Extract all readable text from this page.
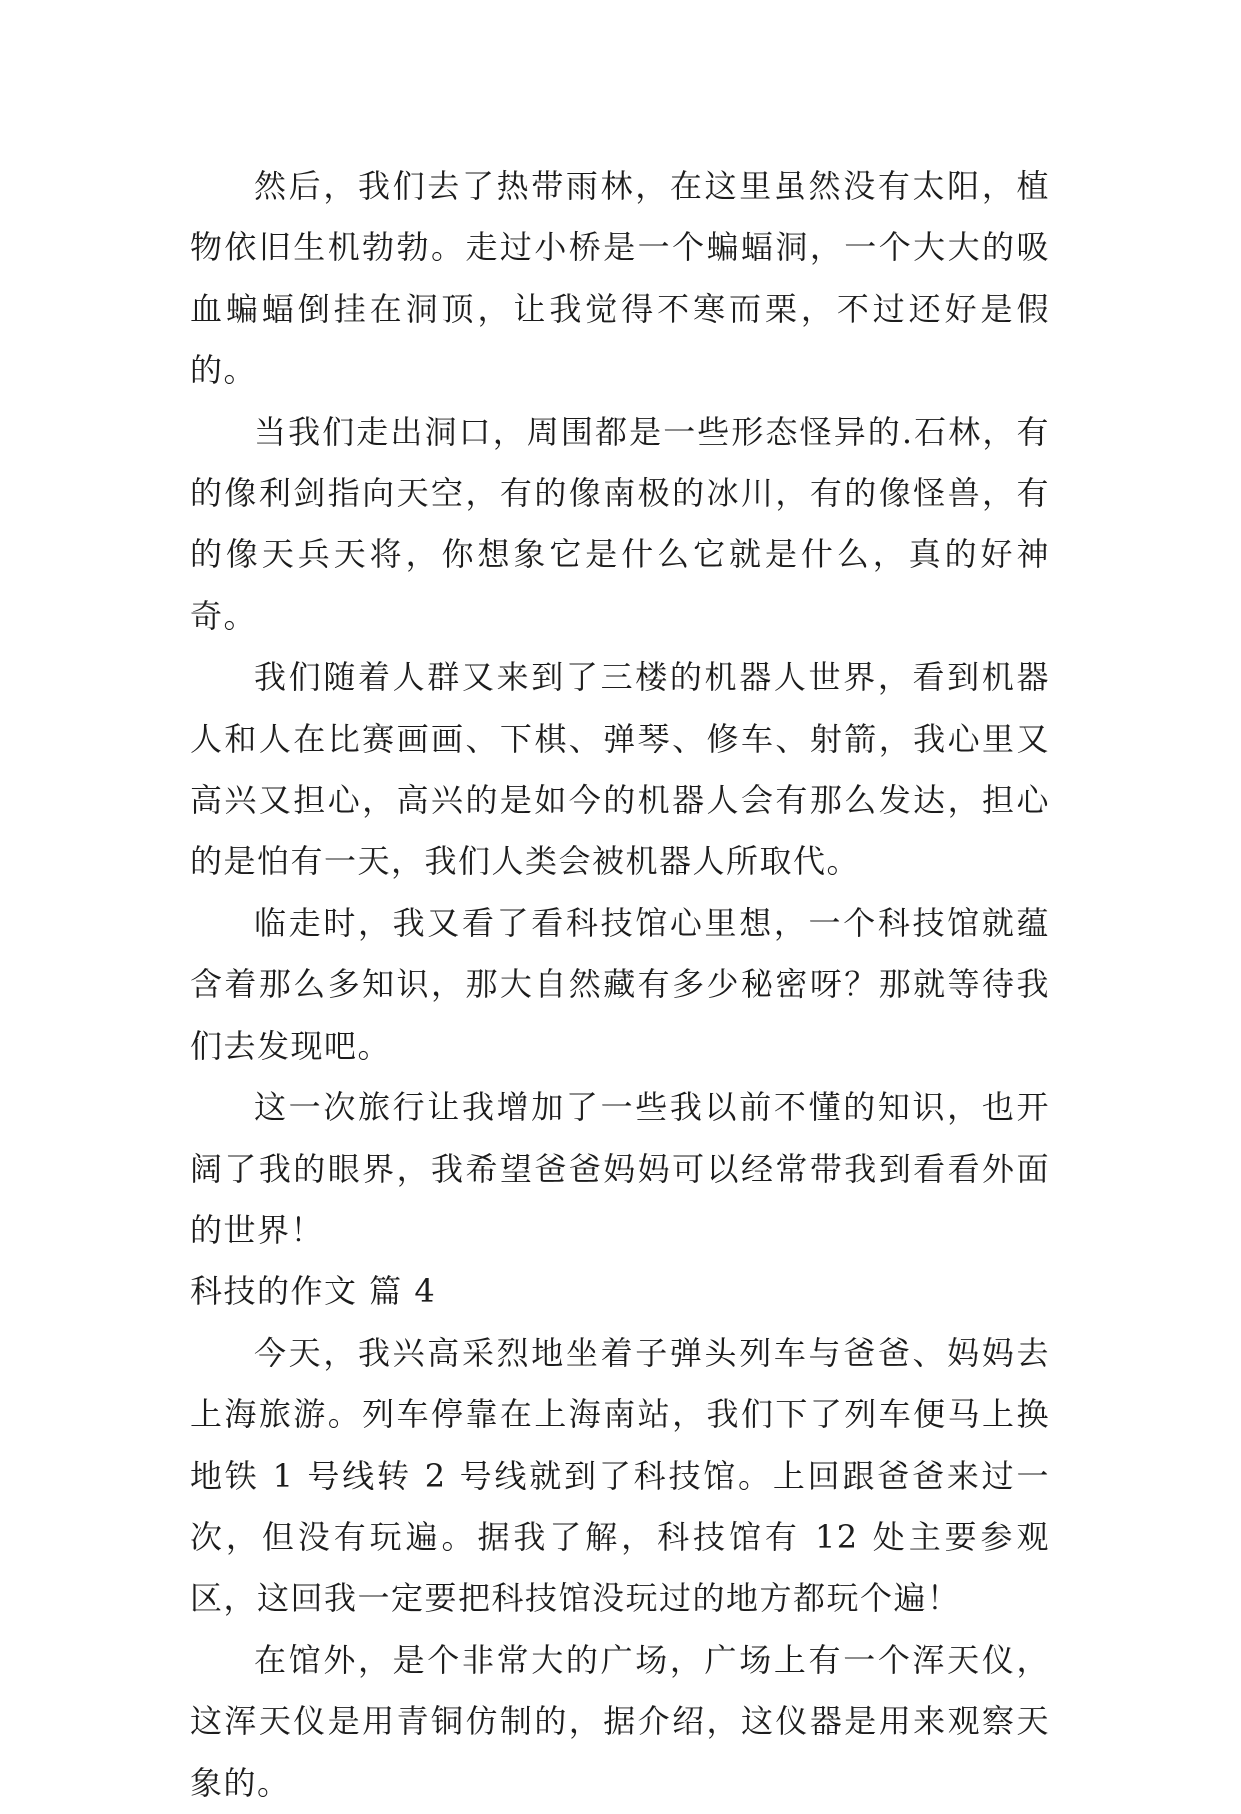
然后，我们去了热带雨林，在这里虽然没有太阳，植物依旧生机勃勃。走过小桥是一个蝙蝠洞，一个大大的吸血蝙蝠倒挂在洞顶，让我觉得不寒而栗，不过还好是假的。

当我们走出洞口，周围都是一些形态怪异的.石林，有的像利剑指向天空，有的像南极的冰川，有的像怪兽，有的像天兵天将，你想象它是什么它就是什么，真的好神奇。

我们随着人群又来到了三楼的机器人世界，看到机器人和人在比赛画画、下棋、弹琴、修车、射箭，我心里又高兴又担心，高兴的是如今的机器人会有那么发达，担心的是怕有一天，我们人类会被机器人所取代。

临走时，我又看了看科技馆心里想，一个科技馆就蕴含着那么多知识，那大自然藏有多少秘密呀？那就等待我们去发现吧。

这一次旅行让我增加了一些我以前不懂的知识，也开阔了我的眼界，我希望爸爸妈妈可以经常带我到看看外面的世界！

科技的作文 篇 4

今天，我兴高采烈地坐着子弹头列车与爸爸、妈妈去上海旅游。列车停靠在上海南站，我们下了列车便马上换地铁 1 号线转 2 号线就到了科技馆。上回跟爸爸来过一次，但没有玩遍。据我了解，科技馆有 12 处主要参观区，这回我一定要把科技馆没玩过的地方都玩个遍！

在馆外，是个非常大的广场，广场上有一个浑天仪，这浑天仪是用青铜仿制的，据介绍，这仪器是用来观察天象的。
